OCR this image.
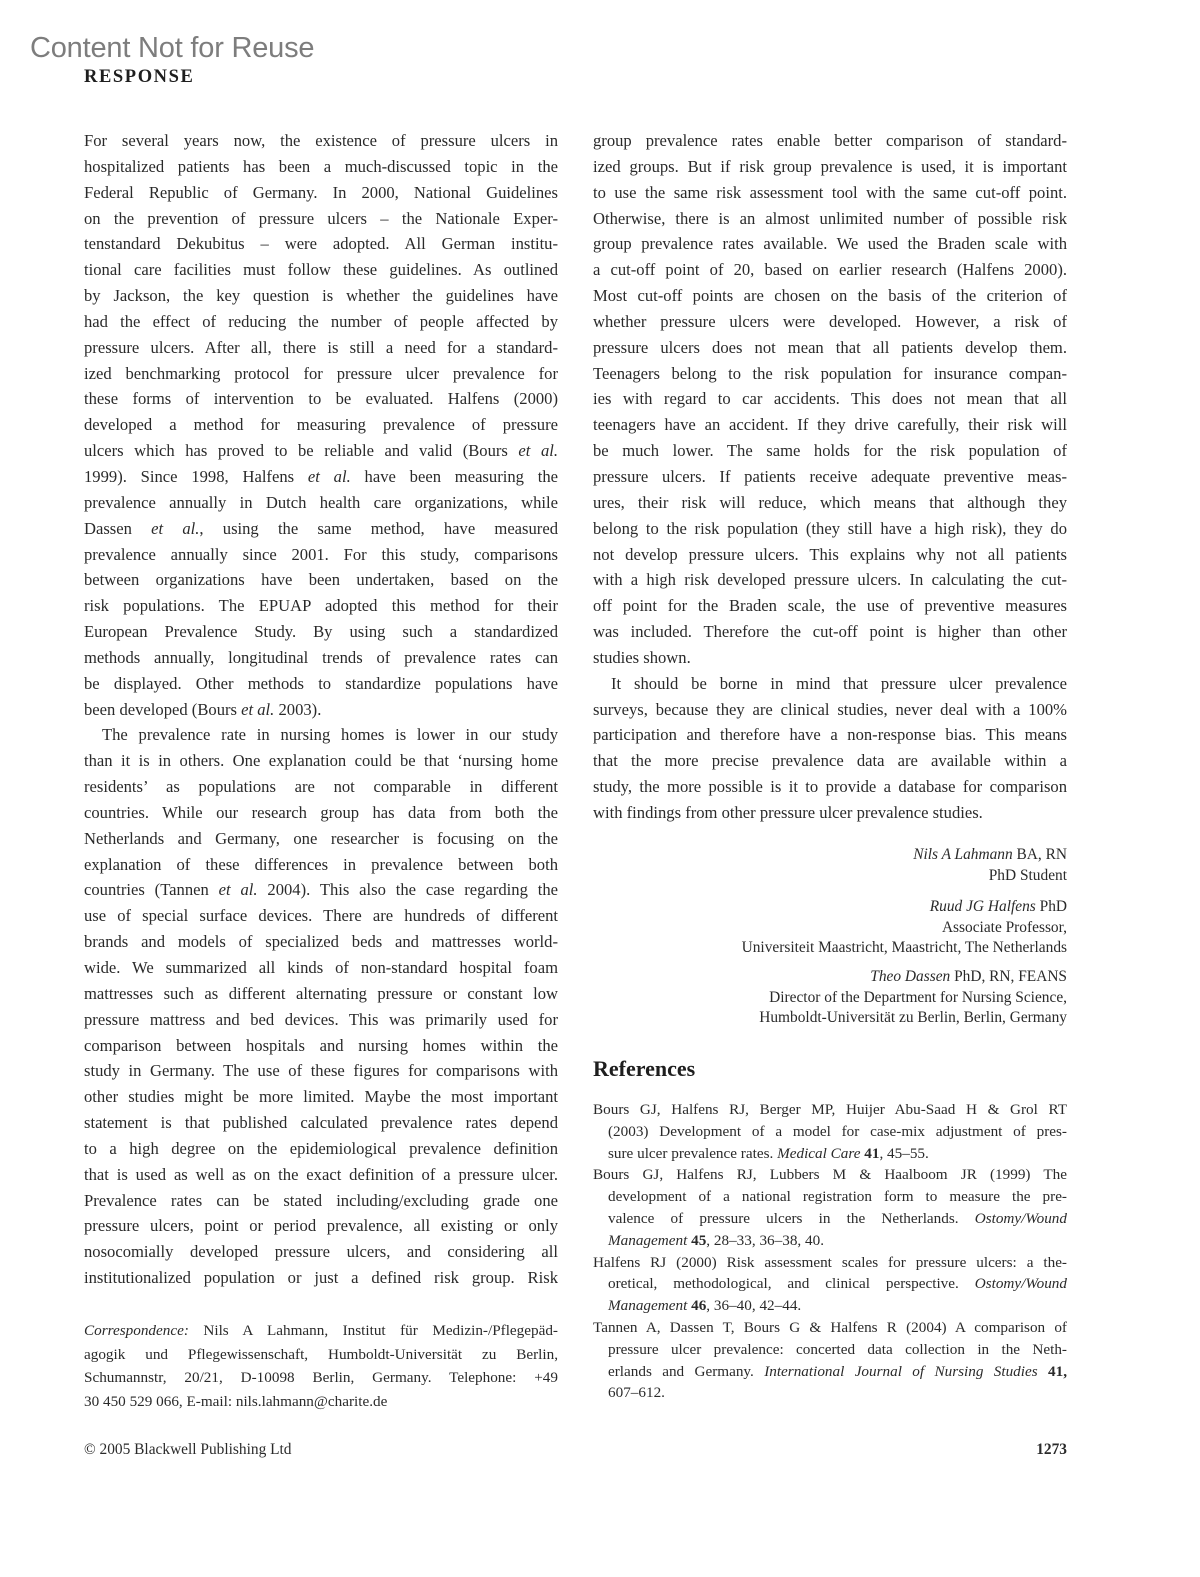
Content Not for Reuse
RESPONSE
For several years now, the existence of pressure ulcers in
hospitalized patients has been a much-discussed topic in the
Federal Republic of Germany. In 2000, National Guidelines
on the prevention of pressure ulcers – the Nationale Exper-
tenstandard Dekubitus – were adopted. All German institu-
tional care facilities must follow these guidelines. As outlined
by Jackson, the key question is whether the guidelines have
had the effect of reducing the number of people affected by
pressure ulcers. After all, there is still a need for a standard-
ized benchmarking protocol for pressure ulcer prevalence for
these forms of intervention to be evaluated. Halfens (2000)
developed a method for measuring prevalence of pressure
ulcers which has proved to be reliable and valid (Bours et al.
1999). Since 1998, Halfens et al. have been measuring the
prevalence annually in Dutch health care organizations, while
Dassen et al., using the same method, have measured
prevalence annually since 2001. For this study, comparisons
between organizations have been undertaken, based on the
risk populations. The EPUAP adopted this method for their
European Prevalence Study. By using such a standardized
methods annually, longitudinal trends of prevalence rates can
be displayed. Other methods to standardize populations have
been developed (Bours et al. 2003).
The prevalence rate in nursing homes is lower in our study
than it is in others. One explanation could be that ‘nursing home
residents’ as populations are not comparable in different
countries. While our research group has data from both the
Netherlands and Germany, one researcher is focusing on the
explanation of these differences in prevalence between both
countries (Tannen et al. 2004). This also the case regarding the
use of special surface devices. There are hundreds of different
brands and models of specialized beds and mattresses world-
wide. We summarized all kinds of non-standard hospital foam
mattresses such as different alternating pressure or constant low
pressure mattress and bed devices. This was primarily used for
comparison between hospitals and nursing homes within the
study in Germany. The use of these figures for comparisons with
other studies might be more limited. Maybe the most important
statement is that published calculated prevalence rates depend
to a high degree on the epidemiological prevalence definition
that is used as well as on the exact definition of a pressure ulcer.
Prevalence rates can be stated including/excluding grade one
pressure ulcers, point or period prevalence, all existing or only
nosocomially developed pressure ulcers, and considering all
institutionalized population or just a defined risk group. Risk
Correspondence: Nils A Lahmann, Institut für Medizin-/Pflegepäd-
agogik und Pflegewissenschaft, Humboldt-Universität zu Berlin,
Schumannstr, 20/21, D-10098 Berlin, Germany. Telephone: +49
30 450 529 066, E-mail: nils.lahmann@charite.de
© 2005 Blackwell Publishing Ltd	1273
group prevalence rates enable better comparison of standard-
ized groups. But if risk group prevalence is used, it is important
to use the same risk assessment tool with the same cut-off point.
Otherwise, there is an almost unlimited number of possible risk
group prevalence rates available. We used the Braden scale with
a cut-off point of 20, based on earlier research (Halfens 2000).
Most cut-off points are chosen on the basis of the criterion of
whether pressure ulcers were developed. However, a risk of
pressure ulcers does not mean that all patients develop them.
Teenagers belong to the risk population for insurance compan-
ies with regard to car accidents. This does not mean that all
teenagers have an accident. If they drive carefully, their risk will
be much lower. The same holds for the risk population of
pressure ulcers. If patients receive adequate preventive meas-
ures, their risk will reduce, which means that although they
belong to the risk population (they still have a high risk), they do
not develop pressure ulcers. This explains why not all patients
with a high risk developed pressure ulcers. In calculating the cut-
off point for the Braden scale, the use of preventive measures
was included. Therefore the cut-off point is higher than other
studies shown.
It should be borne in mind that pressure ulcer prevalence
surveys, because they are clinical studies, never deal with a 100%
participation and therefore have a non-response bias. This means
that the more precise prevalence data are available within a
study, the more possible is it to provide a database for comparison
with findings from other pressure ulcer prevalence studies.
Nils A Lahmann BA, RN
PhD Student
Ruud JG Halfens PhD
Associate Professor,
Universiteit Maastricht, Maastricht, The Netherlands
Theo Dassen PhD, RN, FEANS
Director of the Department for Nursing Science,
Humboldt-Universität zu Berlin, Berlin, Germany
References
Bours GJ, Halfens RJ, Berger MP, Huijer Abu-Saad H & Grol RT
(2003) Development of a model for case-mix adjustment of pres-
sure ulcer prevalence rates. Medical Care 41, 45–55.
Bours GJ, Halfens RJ, Lubbers M & Haalboom JR (1999) The
development of a national registration form to measure the pre-
valence of pressure ulcers in the Netherlands. Ostomy/Wound
Management 45, 28–33, 36–38, 40.
Halfens RJ (2000) Risk assessment scales for pressure ulcers: a the-
oretical, methodological, and clinical perspective. Ostomy/Wound
Management 46, 36–40, 42–44.
Tannen A, Dassen T, Bours G & Halfens R (2004) A comparison of
pressure ulcer prevalence: concerted data collection in the Neth-
erlands and Germany. International Journal of Nursing Studies 41,
607–612.
